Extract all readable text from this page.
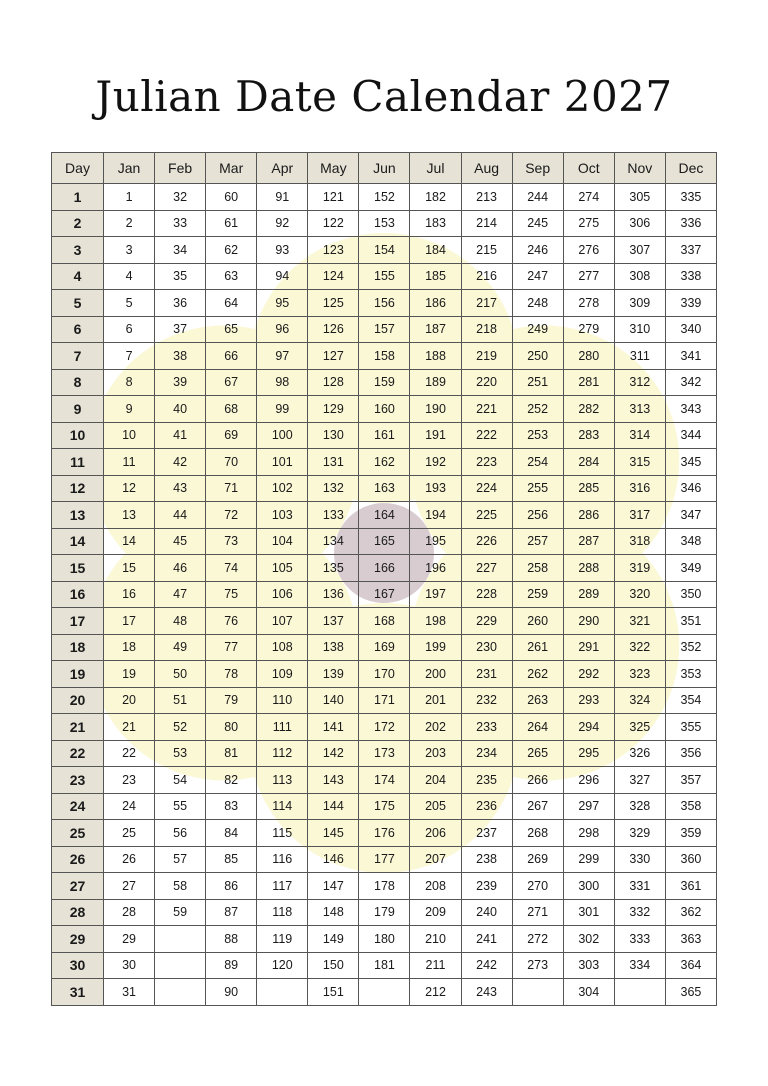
Julian Date Calendar 2027
Day	Jan	Feb	Mar	Apr	May	Jun	Jul	Aug	Sep	Oct	Nov	Dec
1	1	32	60	91	121	152	182	213	244	274	305	335
2	2	33	61	92	122	153	183	214	245	275	306	336
3	3	34	62	93	123	154	184	215	246	276	307	337
4	4	35	63	94	124	155	185	216	247	277	308	338
5	5	36	64	95	125	156	186	217	248	278	309	339
6	6	37	65	96	126	157	187	218	249	279	310	340
7	7	38	66	97	127	158	188	219	250	280	311	341
8	8	39	67	98	128	159	189	220	251	281	312	342
9	9	40	68	99	129	160	190	221	252	282	313	343
10	10	41	69	100	130	161	191	222	253	283	314	344
11	11	42	70	101	131	162	192	223	254	284	315	345
12	12	43	71	102	132	163	193	224	255	285	316	346
13	13	44	72	103	133	164	194	225	256	286	317	347
14	14	45	73	104	134	165	195	226	257	287	318	348
15	15	46	74	105	135	166	196	227	258	288	319	349
16	16	47	75	106	136	167	197	228	259	289	320	350
17	17	48	76	107	137	168	198	229	260	290	321	351
18	18	49	77	108	138	169	199	230	261	291	322	352
19	19	50	78	109	139	170	200	231	262	292	323	353
20	20	51	79	110	140	171	201	232	263	293	324	354
21	21	52	80	111	141	172	202	233	264	294	325	355
22	22	53	81	112	142	173	203	234	265	295	326	356
23	23	54	82	113	143	174	204	235	266	296	327	357
24	24	55	83	114	144	175	205	236	267	297	328	358
25	25	56	84	115	145	176	206	237	268	298	329	359
26	26	57	85	116	146	177	207	238	269	299	330	360
27	27	58	86	117	147	178	208	239	270	300	331	361
28	28	59	87	118	148	179	209	240	271	301	332	362
29	29		88	119	149	180	210	241	272	302	333	363
30	30		89	120	150	181	211	242	273	303	334	364
31	31		90		151		212	243		304		365
